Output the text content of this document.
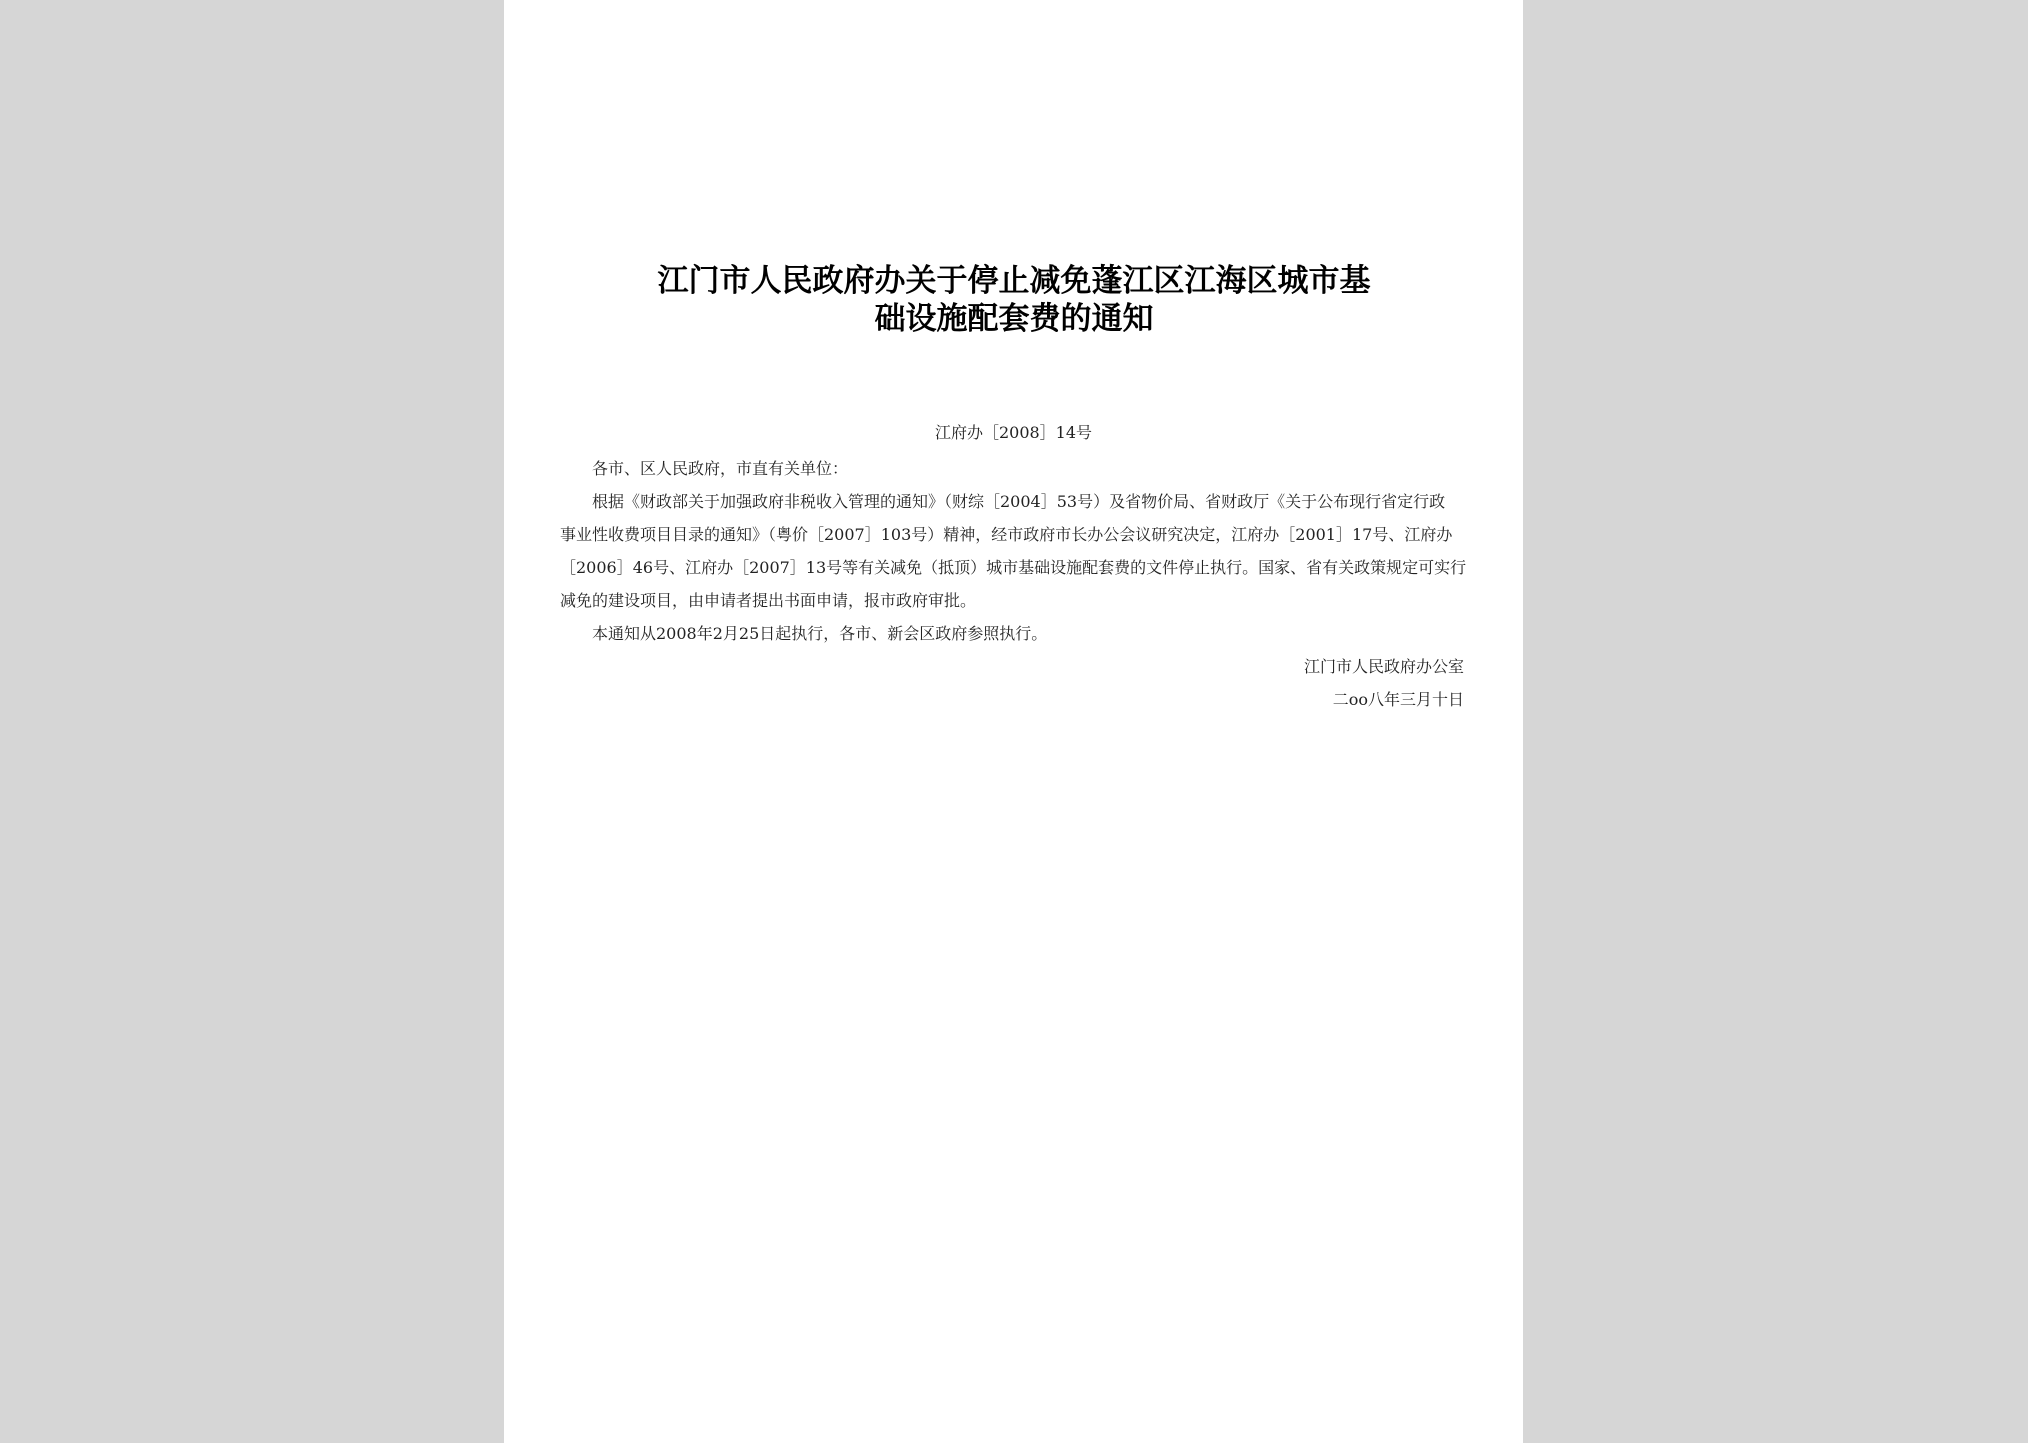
江门市人民政府办关于停止减免蓬江区江海区城市基
础设施配套费的通知
江府办［2008］14号

各市、区人民政府，市直有关单位：

根据《财政部关于加强政府非税收入管理的通知》（财综［2004］53号）及省物价局、省财政厅《关于公布现行省定行政

事业性收费项目目录的通知》（粤价［2007］103号）精神，经市政府市长办公会议研究决定，江府办［2001］17号、江府办

［2006］46号、江府办［2007］13号等有关减免（抵顶）城市基础设施配套费的文件停止执行。国家、省有关政策规定可实行

减免的建设项目，由申请者提出书面申请，报市政府审批。

本通知从2008年2月25日起执行，各市、新会区政府参照执行。

江门市人民政府办公室
二oo八年三月十日
